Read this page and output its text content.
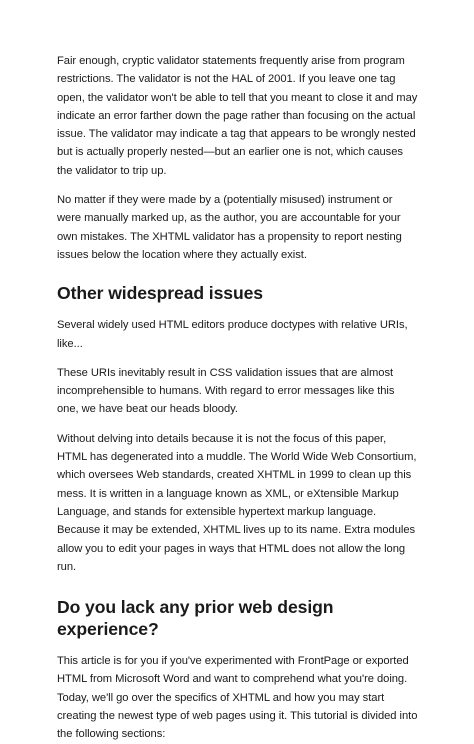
Fair enough, cryptic validator statements frequently arise from program restrictions. The validator is not the HAL of 2001. If you leave one tag open, the validator won't be able to tell that you meant to close it and may indicate an error farther down the page rather than focusing on the actual issue. The validator may indicate a tag that appears to be wrongly nested but is actually properly nested—but an earlier one is not, which causes the validator to trip up.

No matter if they were made by a (potentially misused) instrument or were manually marked up, as the author, you are accountable for your own mistakes. The XHTML validator has a propensity to report nesting issues below the location where they actually exist.

Other widespread issues

Several widely used HTML editors produce doctypes with relative URIs, like...

These URIs inevitably result in CSS validation issues that are almost incomprehensible to humans. With regard to error messages like this one, we have beat our heads bloody.

Without delving into details because it is not the focus of this paper, HTML has degenerated into a muddle. The World Wide Web Consortium, which oversees Web standards, created XHTML in 1999 to clean up this mess. It is written in a language known as XML, or eXtensible Markup Language, and stands for extensible hypertext markup language. Because it may be extended, XHTML lives up to its name. Extra modules allow you to edit your pages in ways that HTML does not allow the long run.

Do you lack any prior web design experience?

This article is for you if you've experimented with FrontPage or exported HTML from Microsoft Word and want to comprehend what you're doing. Today, we'll go over the specifics of XHTML and how you may start creating the newest type of web pages using it. This tutorial is divided into the following sections:
